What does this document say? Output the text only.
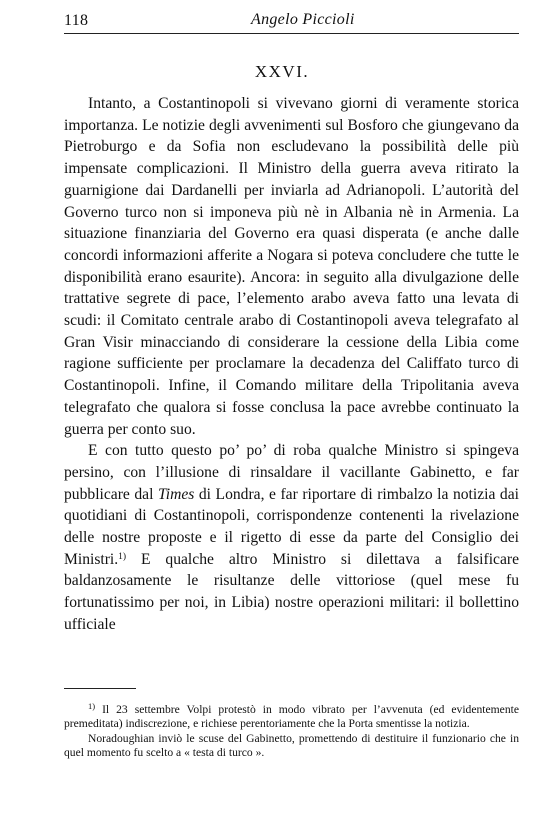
118	Angelo Piccioli
XXVI.

Intanto, a Costantinopoli si vivevano giorni di veramente storica importanza. Le notizie degli avvenimenti sul Bosforo che giungevano da Pietroburgo e da Sofia non escludevano la possibilità delle più impensate complicazioni. Il Ministro della guerra aveva ritirato la guarnigione dai Dardanelli per inviarla ad Adrianopoli. L’autorità del Governo turco non si imponeva più nè in Albania nè in Armenia. La situazione finanziaria del Governo era quasi disperata (e anche dalle concordi informazioni afferite a Nogara si poteva concludere che tutte le disponibilità erano esaurite). Ancora: in seguito alla divulgazione delle trattative segrete di pace, l’elemento arabo aveva fatto una levata di scudi: il Comitato centrale arabo di Costantinopoli aveva telegrafato al Gran Visir minacciando di considerare la cessione della Libia come ragione sufficiente per proclamare la decadenza del Califfato turco di Costantinopoli. Infine, il Comando militare della Tripolitania aveva telegrafato che qualora si fosse conclusa la pace avrebbe continuato la guerra per conto suo.

E con tutto questo po’ po’ di roba qualche Ministro si spingeva persino, con l’illusione di rinsaldare il vacillante Gabinetto, e far pubblicare dal Times di Londra, e far riportare di rimbalzo la notizia dai quotidiani di Costantinopoli, corrispondenze contenenti la rivelazione delle nostre proposte e il rigetto di esse da parte del Consiglio dei Ministri.$^{1)}$ E qualche altro Ministro si dilettava a falsificare baldanzosamente le risultanze delle vittoriose (quel mese fu fortunatissimo per noi, in Libia) nostre operazioni militari: il bollettino ufficiale

$^{1)}$ Il 23 settembre Volpi protestò in modo vibrato per l’avvenuta (ed evidentemente premeditata) indiscrezione, e richiese perentoriamente che la Porta smentisse la notizia.

Noradoughian inviò le scuse del Gabinetto, promettendo di destituire il funzionario che in quel momento fu scelto a « testa di turco ».
